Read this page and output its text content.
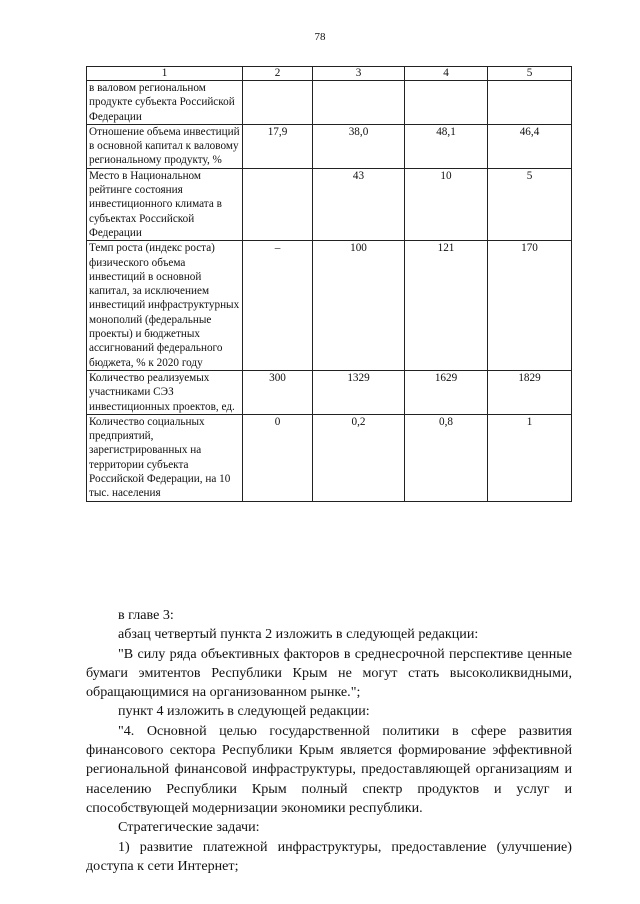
78
1	2	3	4	5
в валовом региональном продукте субъекта Российской Федерации				
Отношение объема инвестиций в основной капитал к валовому региональному продукту, %	17,9	38,0	48,1	46,4
Место в Национальном рейтинге состояния инвестиционного климата в субъектах Российской Федерации		43	10	5
Темп роста (индекс роста) физического объема инвестиций в основной капитал, за исключением инвестиций инфраструктурных монополий (федеральные проекты) и бюджетных ассигнований федерального бюджета, % к 2020 году	–	100	121	170
Количество реализуемых участниками СЭЗ инвестиционных проектов, ед.	300	1329	1629	1829
Количество социальных предприятий, зарегистрированных на территории субъекта Российской Федерации, на 10 тыс. населения	0	0,2	0,8	1

в главе 3:

абзац четвертый пункта 2 изложить в следующей редакции:

"В силу ряда объективных факторов в среднесрочной перспективе ценные бумаги эмитентов Республики Крым не могут стать высоколиквидными, обращающимися на организованном рынке.";

пункт 4 изложить в следующей редакции:

"4. Основной целью государственной политики в сфере развития финансового сектора Республики Крым является формирование эффективной региональной финансовой инфраструктуры, предоставляющей организациям и населению Республики Крым полный спектр продуктов и услуг и способствующей модернизации экономики республики.

Стратегические задачи:

1) развитие платежной инфраструктуры, предоставление (улучшение) доступа к сети Интернет;
